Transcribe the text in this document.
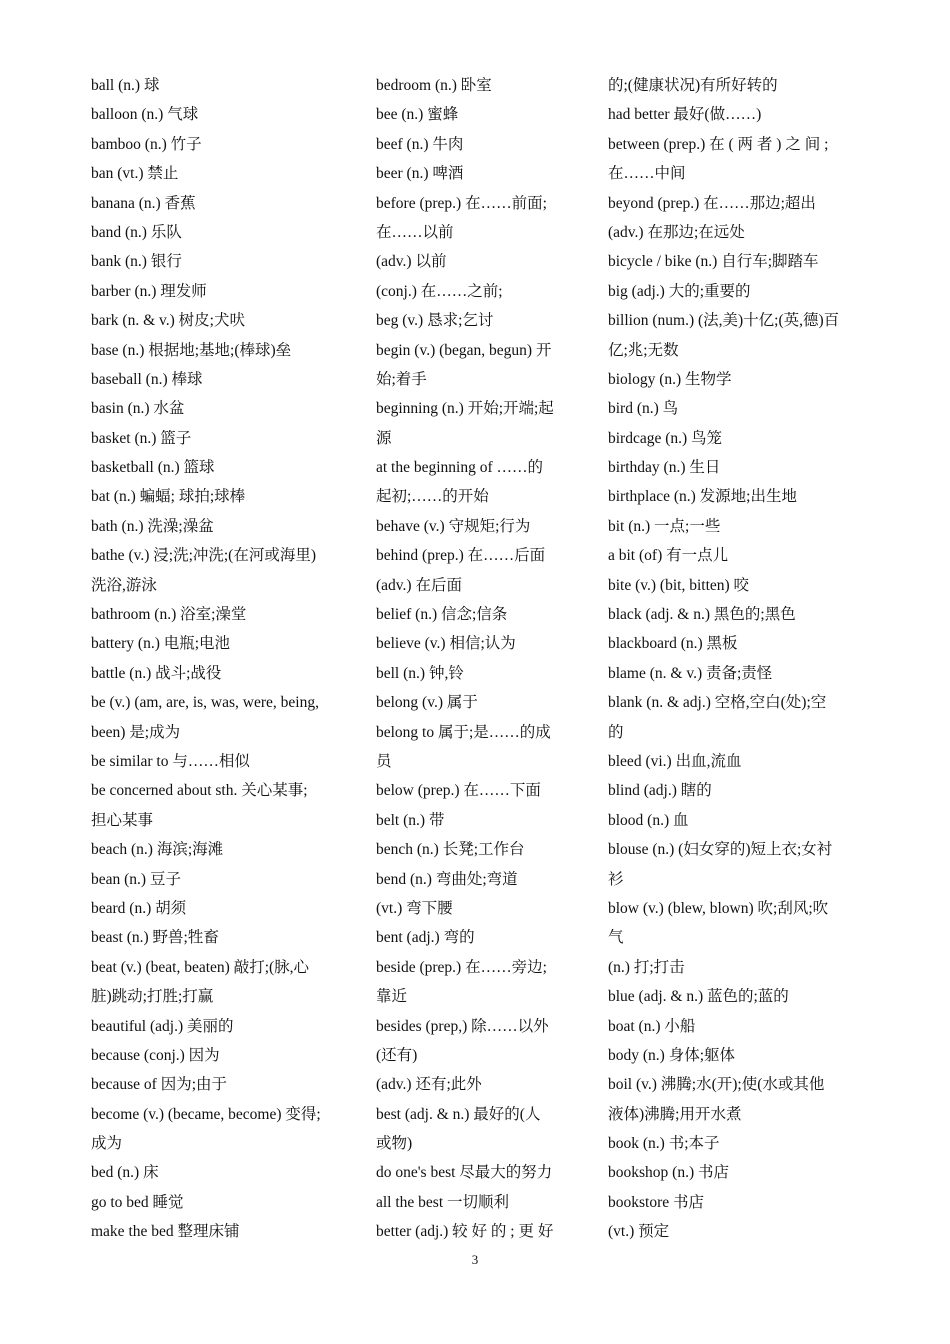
ball (n.) 球
balloon (n.) 气球
bamboo (n.) 竹子
ban (vt.) 禁止
banana (n.) 香蕉
band (n.) 乐队
bank (n.) 银行
barber (n.) 理发师
bark (n. & v.) 树皮;犬吠
base (n.) 根据地;基地;(棒球)垒
baseball (n.) 棒球
basin (n.) 水盆
basket (n.) 篮子
basketball (n.) 篮球
bat (n.) 蝙蝠; 球拍;球棒
bath (n.) 洗澡;澡盆
bathe (v.) 浸;洗;冲洗;(在河或海里)
洗浴,游泳
bathroom (n.) 浴室;澡堂
battery (n.) 电瓶;电池
battle (n.) 战斗;战役
be (v.) (am, are, is, was, were, being,
been) 是;成为
be similar to 与……相似
be concerned about sth. 关心某事;
担心某事
beach (n.) 海滨;海滩
bean (n.) 豆子
beard (n.) 胡须
beast (n.) 野兽;牲畜
beat (v.) (beat, beaten) 敲打;(脉,心
脏)跳动;打胜;打赢
beautiful (adj.) 美丽的
because (conj.) 因为
because of 因为;由于
become (v.) (became, become) 变得;
成为
bed (n.) 床
go to bed 睡觉
make the bed 整理床铺
bedroom (n.) 卧室
bee (n.) 蜜蜂
beef (n.) 牛肉
beer (n.) 啤酒
before (prep.) 在……前面;
在……以前
(adv.) 以前
(conj.) 在……之前;
beg (v.) 恳求;乞讨
begin (v.) (began, begun) 开
始;着手
beginning (n.) 开始;开端;起
源
at the beginning of ……的
起初;……的开始
behave (v.) 守规矩;行为
behind (prep.) 在……后面
(adv.) 在后面
belief (n.) 信念;信条
believe (v.) 相信;认为
bell (n.) 钟,铃
belong (v.) 属于
belong to 属于;是……的成
员
below (prep.) 在……下面
belt (n.) 带
bench (n.) 长凳;工作台
bend (n.) 弯曲处;弯道
(vt.) 弯下腰
bent (adj.) 弯的
beside (prep.) 在……旁边;
靠近
besides (prep,) 除……以外
(还有)
(adv.) 还有;此外
best (adj. & n.) 最好的(人
或物)
do one's best 尽最大的努力
all the best 一切顺利
better (adj.) 较 好 的 ; 更 好
的;(健康状况)有所好转的
had better 最好(做……)
between (prep.) 在 ( 两 者 ) 之 间 ;
在……中间
beyond (prep.) 在……那边;超出
(adv.) 在那边;在远处
bicycle / bike (n.) 自行车;脚踏车
big (adj.) 大的;重要的
billion (num.) (法,美)十亿;(英,德)百
亿;兆;无数
biology (n.) 生物学
bird (n.) 鸟
birdcage (n.) 鸟笼
birthday (n.) 生日
birthplace (n.) 发源地;出生地
bit (n.) 一点;一些
a bit (of) 有一点儿
bite (v.) (bit, bitten) 咬
black (adj. & n.) 黑色的;黑色
blackboard (n.) 黑板
blame (n. & v.) 责备;责怪
blank (n. & adj.) 空格,空白(处);空
的
bleed (vi.) 出血,流血
blind (adj.) 瞎的
blood (n.) 血
blouse (n.) (妇女穿的)短上衣;女衬
衫
blow (v.) (blew, blown) 吹;刮风;吹
气
(n.) 打;打击
blue (adj. & n.) 蓝色的;蓝的
boat (n.) 小船
body (n.) 身体;躯体
boil (v.) 沸腾;水(开);使(水或其他
液体)沸腾;用开水煮
book (n.) 书;本子
bookshop (n.) 书店
bookstore 书店
(vt.) 预定
3
